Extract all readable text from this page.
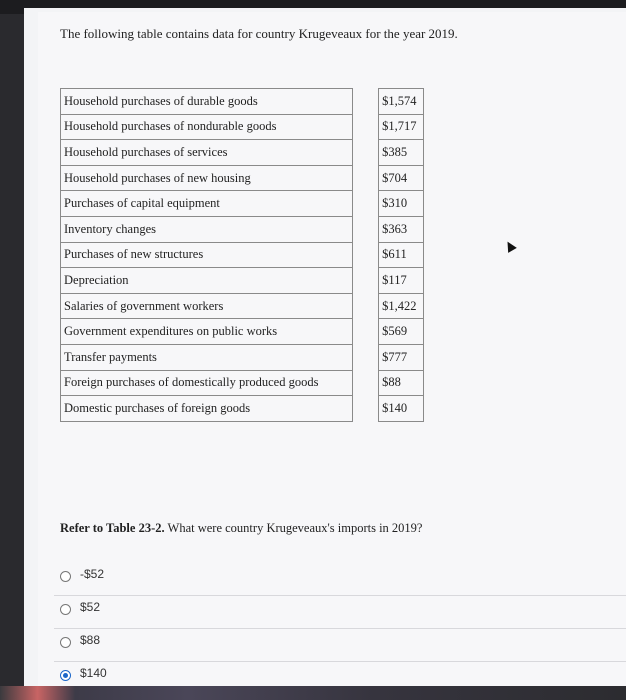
The following table contains data for country Krugeveaux for the year 2019.
Household purchases of durable goods		$1,574
Household purchases of nondurable goods		$1,717
Household purchases of services		$385
Household purchases of new housing		$704
Purchases of capital equipment		$310
Inventory changes		$363
Purchases of new structures		$611
Depreciation		$117
Salaries of government workers		$1,422
Government expenditures on public works		$569
Transfer payments		$777
Foreign purchases of domestically produced goods		$88
Domestic purchases of foreign goods		$140
Refer to Table 23-2. What were country Krugeveaux's imports in 2019?
-$52
$52
$88
$140
